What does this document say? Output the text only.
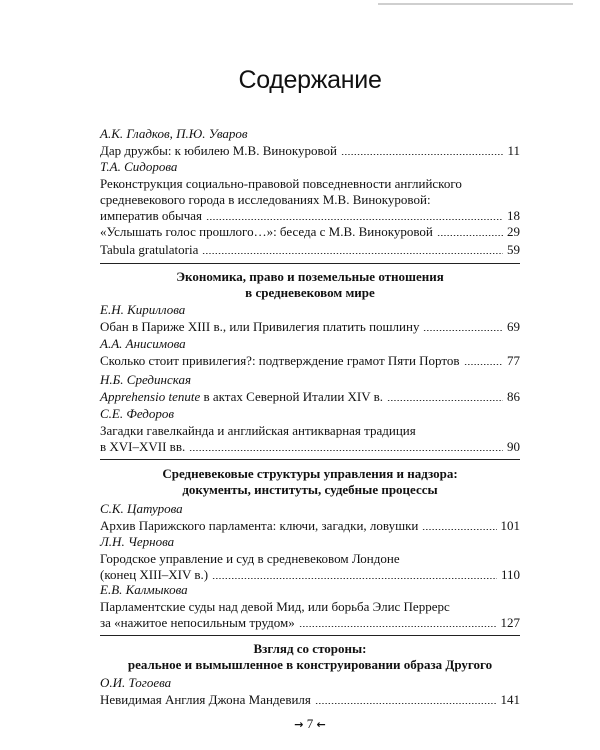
Содержание
А.К. Гладков, П.Ю. Уваров
Дар дружбы: к юбилею М.В. Винокуровой	11
Т.А. Сидорова
Реконструкция социально-правовой повседневности английского
средневекового города в исследованиях М.В. Винокуровой:
императив обычая	18
«Услышать голос прошлого…»: беседа с М.В. Винокуровой	29
Tabula gratulatoria	59
Экономика, право и поземельные отношения
в средневековом мире
Е.Н. Кириллова
Обан в Париже XIII в., или Привилегия платить пошлину	69
А.А. Анисимова
Сколько стоит привилегия?: подтверждение грамот Пяти Портов	77
Н.Б. Срединская
Apprehensio tenute в актах Северной Италии XIV в.	86
С.Е. Федоров
Загадки гавелкайнда и английская антикварная традиция
в XVI–XVII вв.	90
Средневековые структуры управления и надзора:
документы, институты, судебные процессы
С.К. Цатурова
Архив Парижского парламента: ключи, загадки, ловушки	101
Л.Н. Чернова
Городское управление и суд в средневековом Лондоне
(конец XIII–XIV в.)	110
Е.В. Калмыкова
Парламентские суды над девой Мид, или борьба Элис Перрерс
за «нажитое непосильным трудом»	127
Взгляд со стороны:
реальное и вымышленное в конструировании образа Другого
О.И. Тогоева
Невидимая Англия Джона Мандевиля	141
→ 7 ←
